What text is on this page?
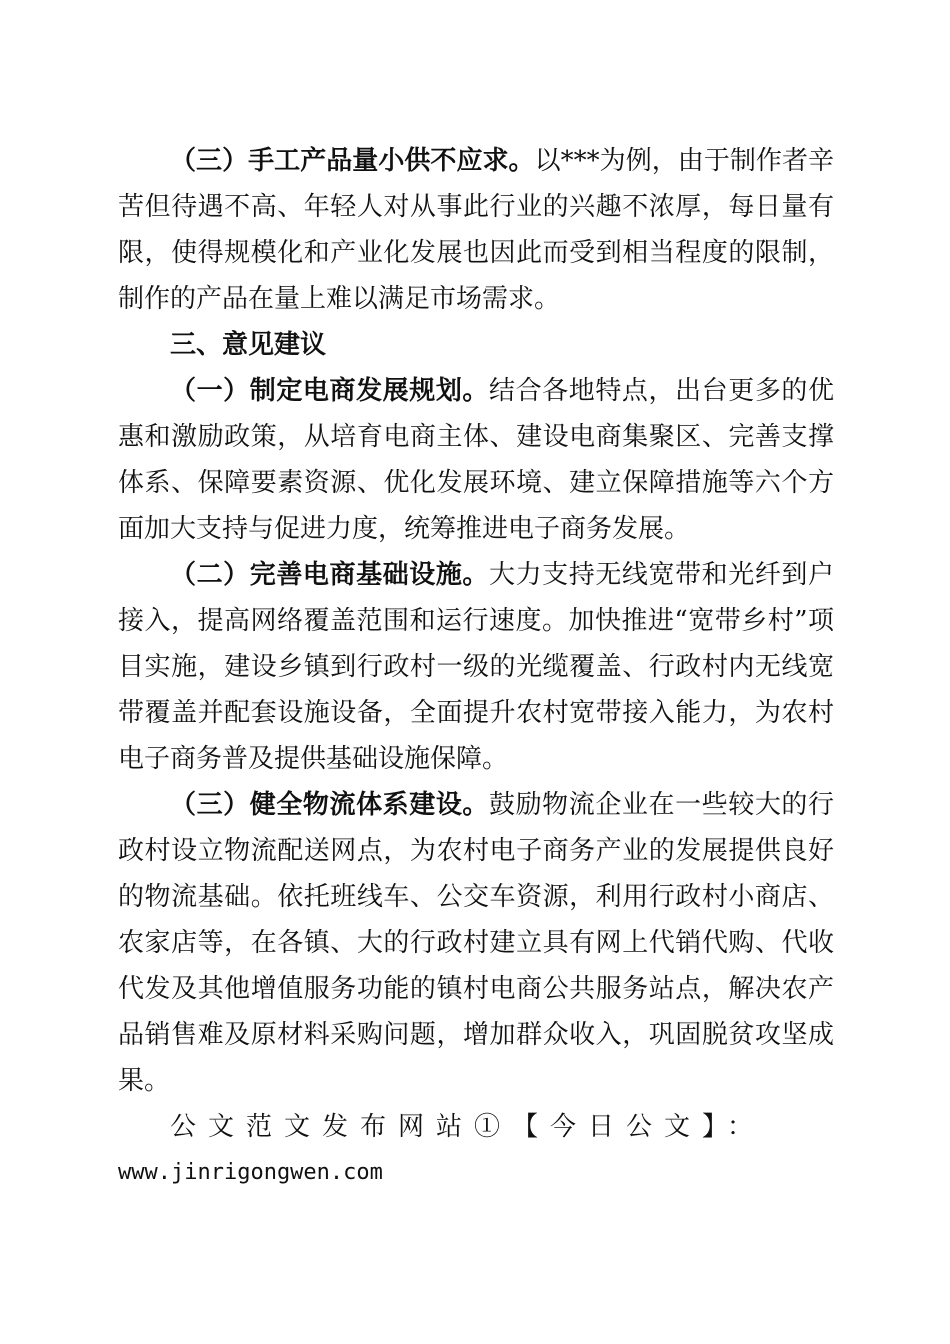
（三）手工产品量小供不应求。以***为例，由于制作者辛苦但待遇不高、年轻人对从事此行业的兴趣不浓厚，每日量有限，使得规模化和产业化发展也因此而受到相当程度的限制，制作的产品在量上难以满足市场需求。

三、意见建议

（一）制定电商发展规划。结合各地特点，出台更多的优惠和激励政策，从培育电商主体、建设电商集聚区、完善支撑体系、保障要素资源、优化发展环境、建立保障措施等六个方面加大支持与促进力度，统筹推进电子商务发展。

（二）完善电商基础设施。大力支持无线宽带和光纤到户接入，提高网络覆盖范围和运行速度。加快推进“宽带乡村”项目实施，建设乡镇到行政村一级的光缆覆盖、行政村内无线宽带覆盖并配套设施设备，全面提升农村宽带接入能力，为农村电子商务普及提供基础设施保障。

（三）健全物流体系建设。鼓励物流企业在一些较大的行政村设立物流配送网点，为农村电子商务产业的发展提供良好的物流基础。依托班线车、公交车资源，利用行政村小商店、农家店等，在各镇、大的行政村建立具有网上代销代购、代收代发及其他增值服务功能的镇村电商公共服务站点，解决农产品销售难及原材料采购问题，增加群众收入，巩固脱贫攻坚成果。

公文范文发布网站①【今日公文】：

www.jinrigongwen.com
